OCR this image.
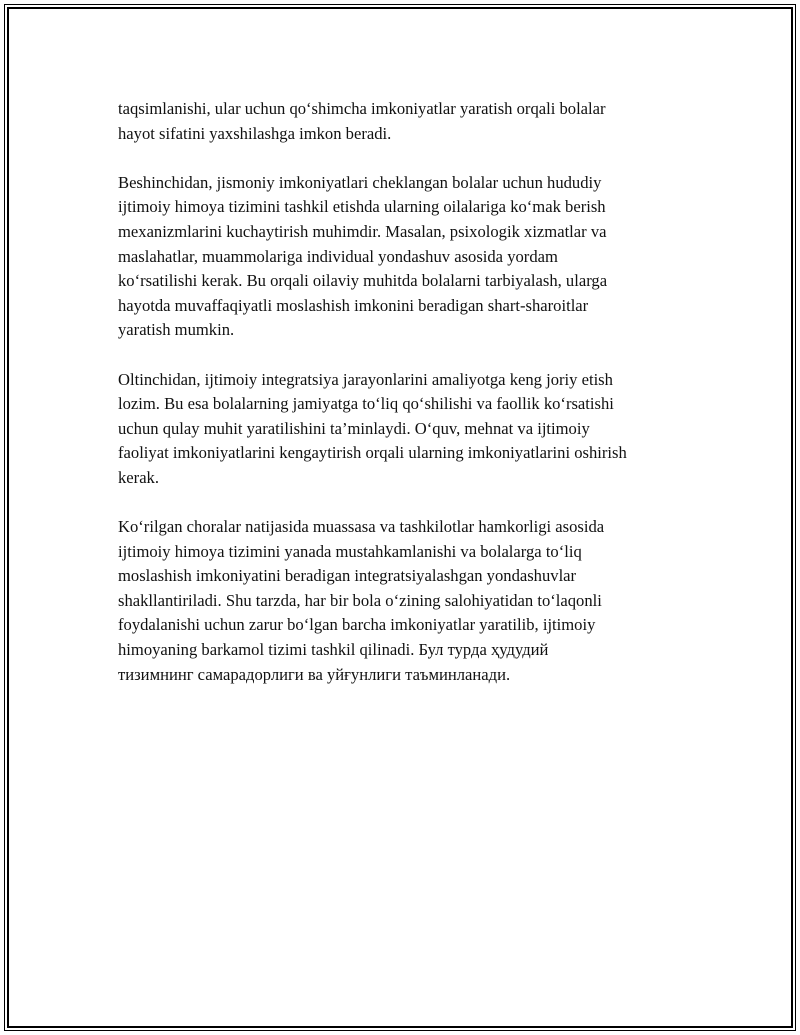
taqsimlanishi, ular uchun qo‘shimcha imkoniyatlar yaratish orqali bolalar
hayot sifatini yaxshilashga imkon beradi.

Beshinchidan, jismoniy imkoniyatlari cheklangan bolalar uchun hududiy
ijtimoiy himoya tizimini tashkil etishda ularning oilalariga ko‘mak berish
mexanizmlarini kuchaytirish muhimdir. Masalan, psixologik xizmatlar va
maslahatlar, muammolariga individual yondashuv asosida yordam
ko‘rsatilishi kerak. Bu orqali oilaviy muhitda bolalarni tarbiyalash, ularga
hayotda muvaffaqiyatli moslashish imkonini beradigan shart-sharoitlar
yaratish mumkin.

Oltinchidan, ijtimoiy integratsiya jarayonlarini amaliyotga keng joriy etish
lozim. Bu esa bolalarning jamiyatga to‘liq qo‘shilishi va faollik ko‘rsatishi
uchun qulay muhit yaratilishini ta’minlaydi. O‘quv, mehnat va ijtimoiy
faoliyat imkoniyatlarini kengaytirish orqali ularning imkoniyatlarini oshirish
kerak.

Ko‘rilgan choralar natijasida muassasa va tashkilotlar hamkorligi asosida
ijtimoiy himoya tizimini yanada mustahkamlanishi va bolalarga to‘liq
moslashish imkoniyatini beradigan integratsiyalashgan yondashuvlar
shakllantiriladi. Shu tarzda, har bir bola o‘zining salohiyatidan to‘laqonli
foydalanishi uchun zarur bo‘lgan barcha imkoniyatlar yaratilib, ijtimoiy
himoyaning barkamol tizimi tashkil qilinadi. Бул турда ҳудудий
тизимнинг самарадорлиги ва уйғунлиги таъминланади.
